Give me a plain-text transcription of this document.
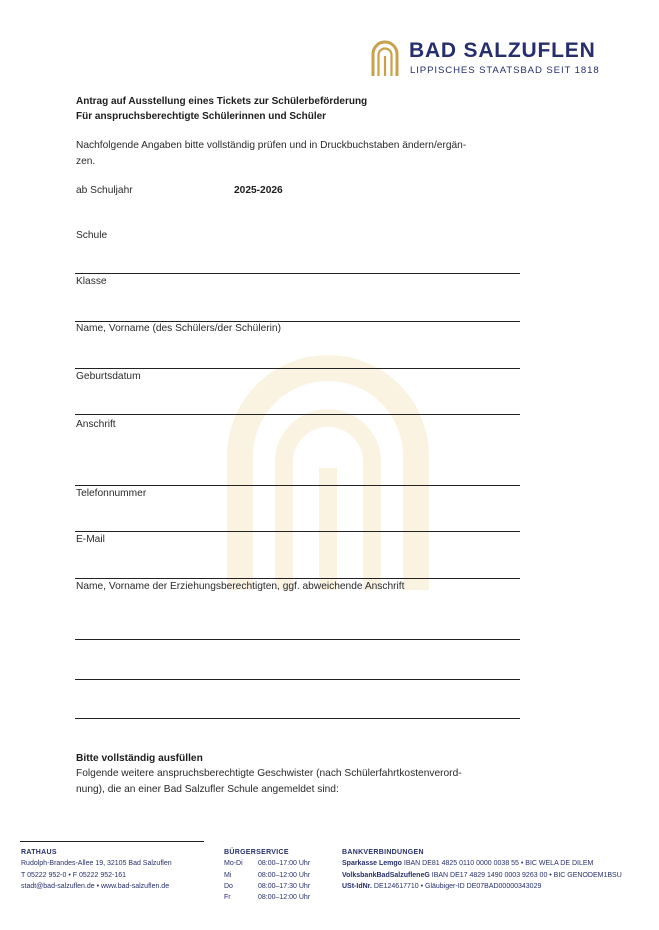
BAD SALZUFLEN
LIPPISCHES STAATSBAD SEIT 1818
Antrag auf Ausstellung eines Tickets zur Schülerbeförderung
Für anspruchsberechtigte Schülerinnen und Schüler
Nachfolgende Angaben bitte vollständig prüfen und in Druckbuchstaben ändern/ergän-
zen.
ab Schuljahr	2025-2026
Schule
Klasse
Name, Vorname (des Schülers/der Schülerin)
Geburtsdatum
Anschrift
Telefonnummer
E-Mail
Name, Vorname der Erziehungsberechtigten, ggf. abweichende Anschrift
Bitte vollständig ausfüllen
Folgende weitere anspruchsberechtigte Geschwister (nach Schülerfahrtkostenverord-
nung), die an einer Bad Salzufler Schule angemeldet sind:
RATHAUS
Rudolph-Brandes-Allee 19, 32105 Bad Salzuflen
T 05222 952-0 • F 05222 952-161
stadt@bad-salzuflen.de • www.bad-salzuflen.de
BÜRGERSERVICE
Mo-Di 08:00–17:00 Uhr
Mi	08:00–12:00 Uhr
Do	08:00–17:30 Uhr
Fr	08:00–12:00 Uhr
BANKVERBINDUNGEN
Sparkasse Lemgo IBAN DE81 4825 0110 0000 0038 55 • BIC WELA DE DILEM
VolksbankBadSalzufleneG IBAN DE17 4829 1490 0003 9263 00 • BIC GENODEM1BSU
USt-IdNr. DE124617710 • Gläubiger-ID DE07BAD00000343029
